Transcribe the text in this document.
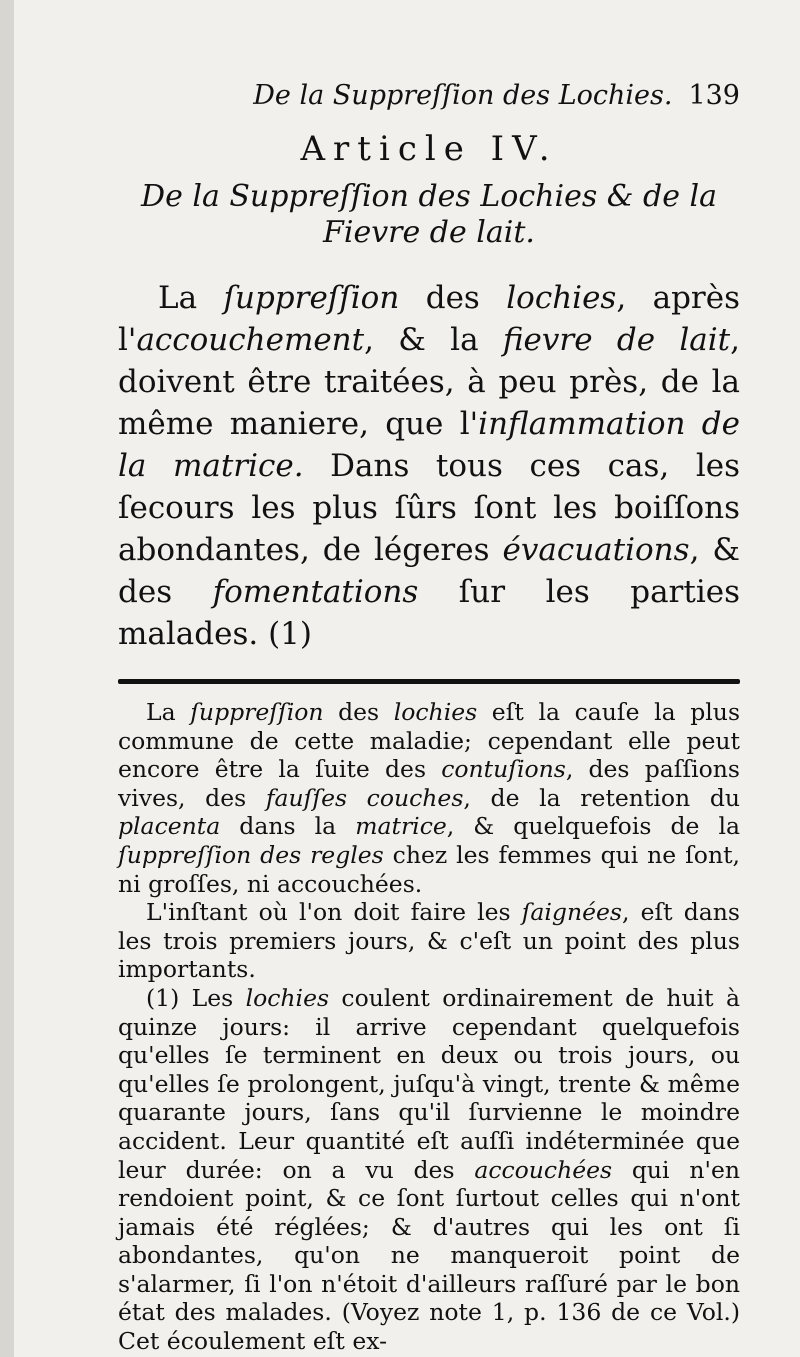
De la Suppreſſion des Lochies. 139
Article IV.
De la Suppreſſion des Lochies & de la
Fievre de lait.
La ſuppreſſion des lochies, après l'accouchement, & la fievre de lait, doivent être traitées, à peu près, de la même maniere, que l'inflammation de la matrice. Dans tous ces cas, les ſecours les plus ſûrs ſont les boiſſons abondantes, de légeres évacuations, & des fomentations ſur les parties malades. (1)

La ſuppreſſion des lochies eſt la cauſe la plus commune de cette maladie; cependant elle peut encore être la ſuite des contuſions, des paſſions vives, des fauſſes couches, de la retention du placenta dans la matrice, & quelquefois de la ſuppreſſion des regles chez les femmes qui ne ſont, ni groſſes, ni accouchées.

L'inſtant où l'on doit faire les ſaignées, eſt dans les trois premiers jours, & c'eſt un point des plus importants.

(1) Les lochies coulent ordinairement de huit à quinze jours: il arrive cependant quelquefois qu'elles ſe terminent en deux ou trois jours, ou qu'elles ſe prolongent, juſqu'à vingt, trente & même quarante jours, ſans qu'il ſurvienne le moindre accident. Leur quantité eſt auſſi indéterminée que leur durée: on a vu des accouchées qui n'en rendoient point, & ce ſont ſurtout celles qui n'ont jamais été réglées; & d'autres qui les ont ſi abondantes, qu'on ne manqueroit point de s'alarmer, ſi l'on n'étoit d'ailleurs raſſuré par le bon état des malades. (Voyez note 1, p. 136 de ce Vol.) Cet écoulement eſt ex-
